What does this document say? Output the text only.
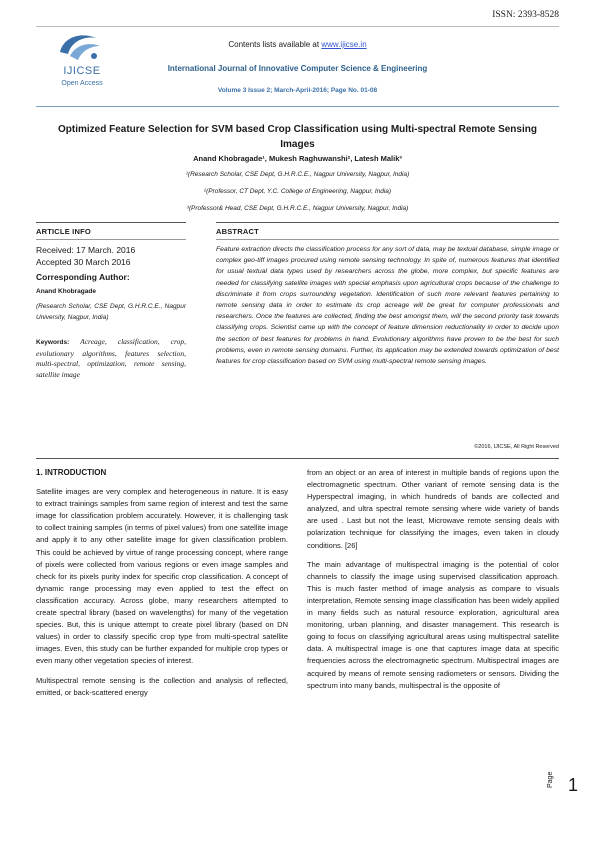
ISSN: 2393-8528
IJICSE
Open Access
Contents lists available at www.ijicse.in
International Journal of Innovative Computer Science & Engineering
Volume 3 Issue 2; March-April-2016; Page No. 01-08
Optimized Feature Selection for SVM based Crop Classification using Multi-spectral Remote Sensing Images
Anand Khobragade¹, Mukesh Raghuwanshi², Latesh Malik³
¹(Research Scholar, CSE Dept, G.H.R.C.E., Nagpur University, Nagpur, India)
²(Professor, CT Dept, Y.C. College of Engineering, Nagpur, India)
³(Professor& Head, CSE Dept, G.H.R.C.E., Nagpur University, Nagpur, India)
ARTICLE INFO
Received: 17 March. 2016
Accepted 30 March 2016
Corresponding Author:
Anand Khobragade
(Research Scholar, CSE Dept, G.H.R.C.E., Nagpur University, Nagpur, India)
Keywords: Acreage, classification, crop, evolutionary algorithms, features selection, multi-spectral, optimization, remote sensing, satellite image
ABSTRACT
Feature extraction directs the classification process for any sort of data, may be textual database, simple image or complex geo-tiff images procured using remote sensing technology. In spite of, numerous features that identified for usual textual data types used by researchers across the globe, more complex, but specific features are needed for classifying satellite images with special emphasis upon agricultural crops because of the challenge to discriminate it from crops surrounding vegetation. Identification of such more relevant features pertaining to remote sensing data in order to estimate its crop acreage will be great for computer professionals and researchers. Once the features are collected, finding the best amongst them, will the second priority task towards classifying crops. Scientist came up with the concept of feature dimension reductionality in order to decide upon the section of best features for problems in hand. Evolutionary algorithms have proven to be the best for such problems, even in remote sensing domains. Further, its application may be extended towards optimization of best features for crop classification based on SVM using multi-spectral remote sensing images.
©2016, IJICSE, All Right Reserved
1. INTRODUCTION

Satellite images are very complex and heterogeneous in nature. It is easy to extract trainings samples from same region of interest and test the same image for classification problem accurately. However, it is challenging task to collect training samples (in terms of pixel values) from one satellite image and apply it to any other satellite image for given classification problem. This could be achieved by virtue of range processing concept, where range of pixels were collected from various regions or even image samples and check for its pixels purity index for specific crop classification. A concept of dynamic range processing may even applied to test the effect on classification accuracy. Across globe, many researchers attempted to create spectral library (based on wavelengths) for many of the vegetation species. But, this is unique attempt to create pixel library (based on DN values) in order to classify specific crop type from multi-spectral satellite images. Even, this study can be further expanded for multiple crop types or even many other vegetation species of interest.

Multispectral remote sensing is the collection and analysis of reflected, emitted, or back-scattered energy

from an object or an area of interest in multiple bands of regions upon the electromagnetic spectrum. Other variant of remote sensing data is the Hyperspectral imaging, in which hundreds of bands are collected and analyzed, and ultra spectral remote sensing where wide variety of bands are used . Last but not the least, Microwave remote sensing deals with polarization technique for classifying the images, even taken in cloudy conditions. [26]

The main advantage of multispectral imaging is the potential of color channels to classify the image using supervised classification approach. This is much faster method of image analysis as compare to visuals interpretation, Remote sensing image classification has been widely applied in many fields such as natural resource exploration, agricultural area monitoring, urban planning, and disaster management. This research is going to focus on classifying agricultural areas using multispectral satellite data. A multispectral image is one that captures image data at specific frequencies across the electromagnetic spectrum. Multispectral images are acquired by means of remote sensing radiometers or sensors. Dividing the spectrum into many bands, multispectral is the opposite of

Page 1
